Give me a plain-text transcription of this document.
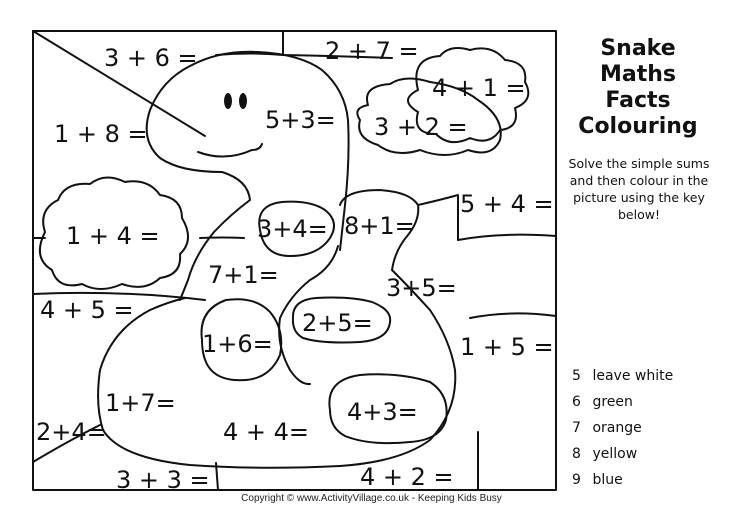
3 + 6 =	2 + 7 =
4 + 1 =
1 + 8 =	5+3= 3 + 2 =
5 + 4 =
1 + 4 =	3+4= 8+1=
7+1=	3+5=
4 + 5 =	2+5=
1+6=	1 + 5 =
1+7=	4+3=
2+4=	4 + 4=
3 + 3 =	4 + 2 =
Snake
Maths Facts
Colouring
Solve the simple sums and then colour in the picture using the key below!
5 leave white
6 green
7 orange
8 yellow
9 blue
Copyright © www.ActivityVillage.co.uk - Keeping Kids Busy
